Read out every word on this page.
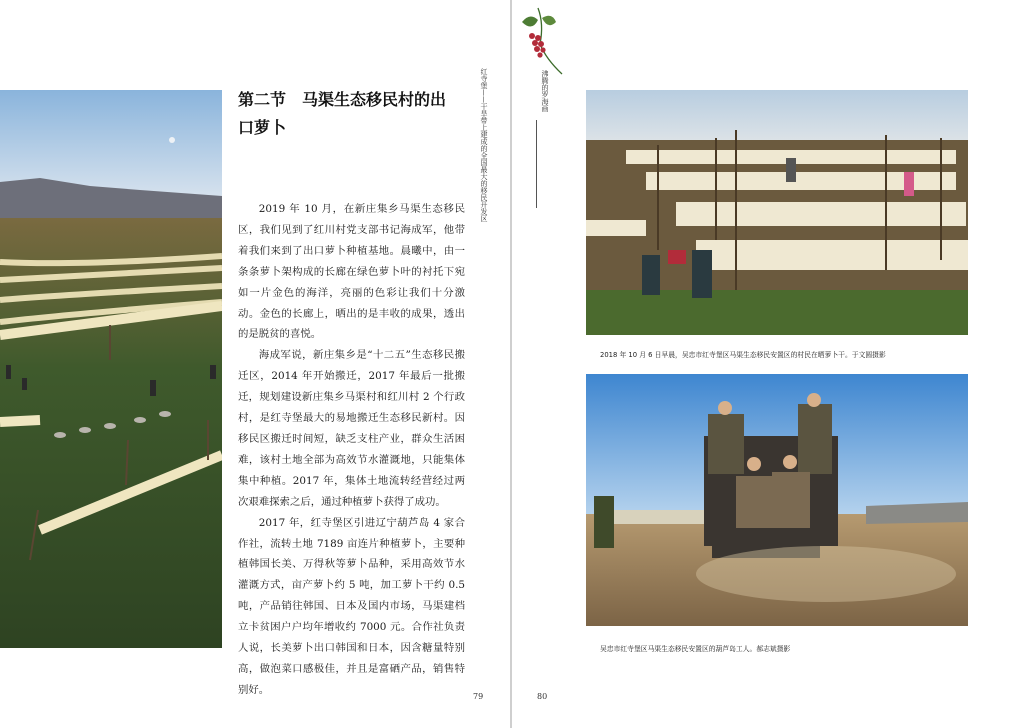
第二节　马渠生态移民村的出口萝卜

2019 年 10 月，在新庄集乡马渠生态移民区，我们见到了红川村党支部书记海成军，他带着我们来到了出口萝卜种植基地。晨曦中，由一条条萝卜架构成的长廊在绿色萝卜叶的衬托下宛如一片金色的海洋，亮丽的色彩让我们十分激动。金色的长廊上，晒出的是丰收的成果，透出的是脱贫的喜悦。

海成军说，新庄集乡是“十二五”生态移民搬迁区，2014 年开始搬迁，2017 年最后一批搬迁，规划建设新庄集乡马渠村和红川村 2 个行政村，是红寺堡最大的易地搬迁生态移民新村。因移民区搬迁时间短，缺乏支柱产业，群众生活困难，该村土地全部为高效节水灌溉地，只能集体集中种植。2017 年，集体土地流转经营经过两次艰难探索之后，通过种植萝卜获得了成功。

2017 年，红寺堡区引进辽宁葫芦岛 4 家合作社，流转土地 7189 亩连片种植萝卜，主要种植韩国长美、万得秋等萝卜品种，采用高效节水灌溉方式，亩产萝卜约 5 吨，加工萝卜干约 0.5 吨，产品销往韩国、日本及国内市场，马渠建档立卡贫困户户均年增收约 7000 元。合作社负责人说，长美萝卜出口韩国和日本，因含糖量特别高，做泡菜口感极佳，并且是富硒产品，销售特别好。

红寺堡——干旱带上建成的全国最大的移民开发区
79
沸腾的罗海画
2018 年 10 月 6 日早晨，吴忠市红寺堡区马渠生态移民安置区的村民在晒萝卜干。于文圆摄影
吴忠市红寺堡区马渠生态移民安置区的葫芦岛工人。郝志斌摄影
80
